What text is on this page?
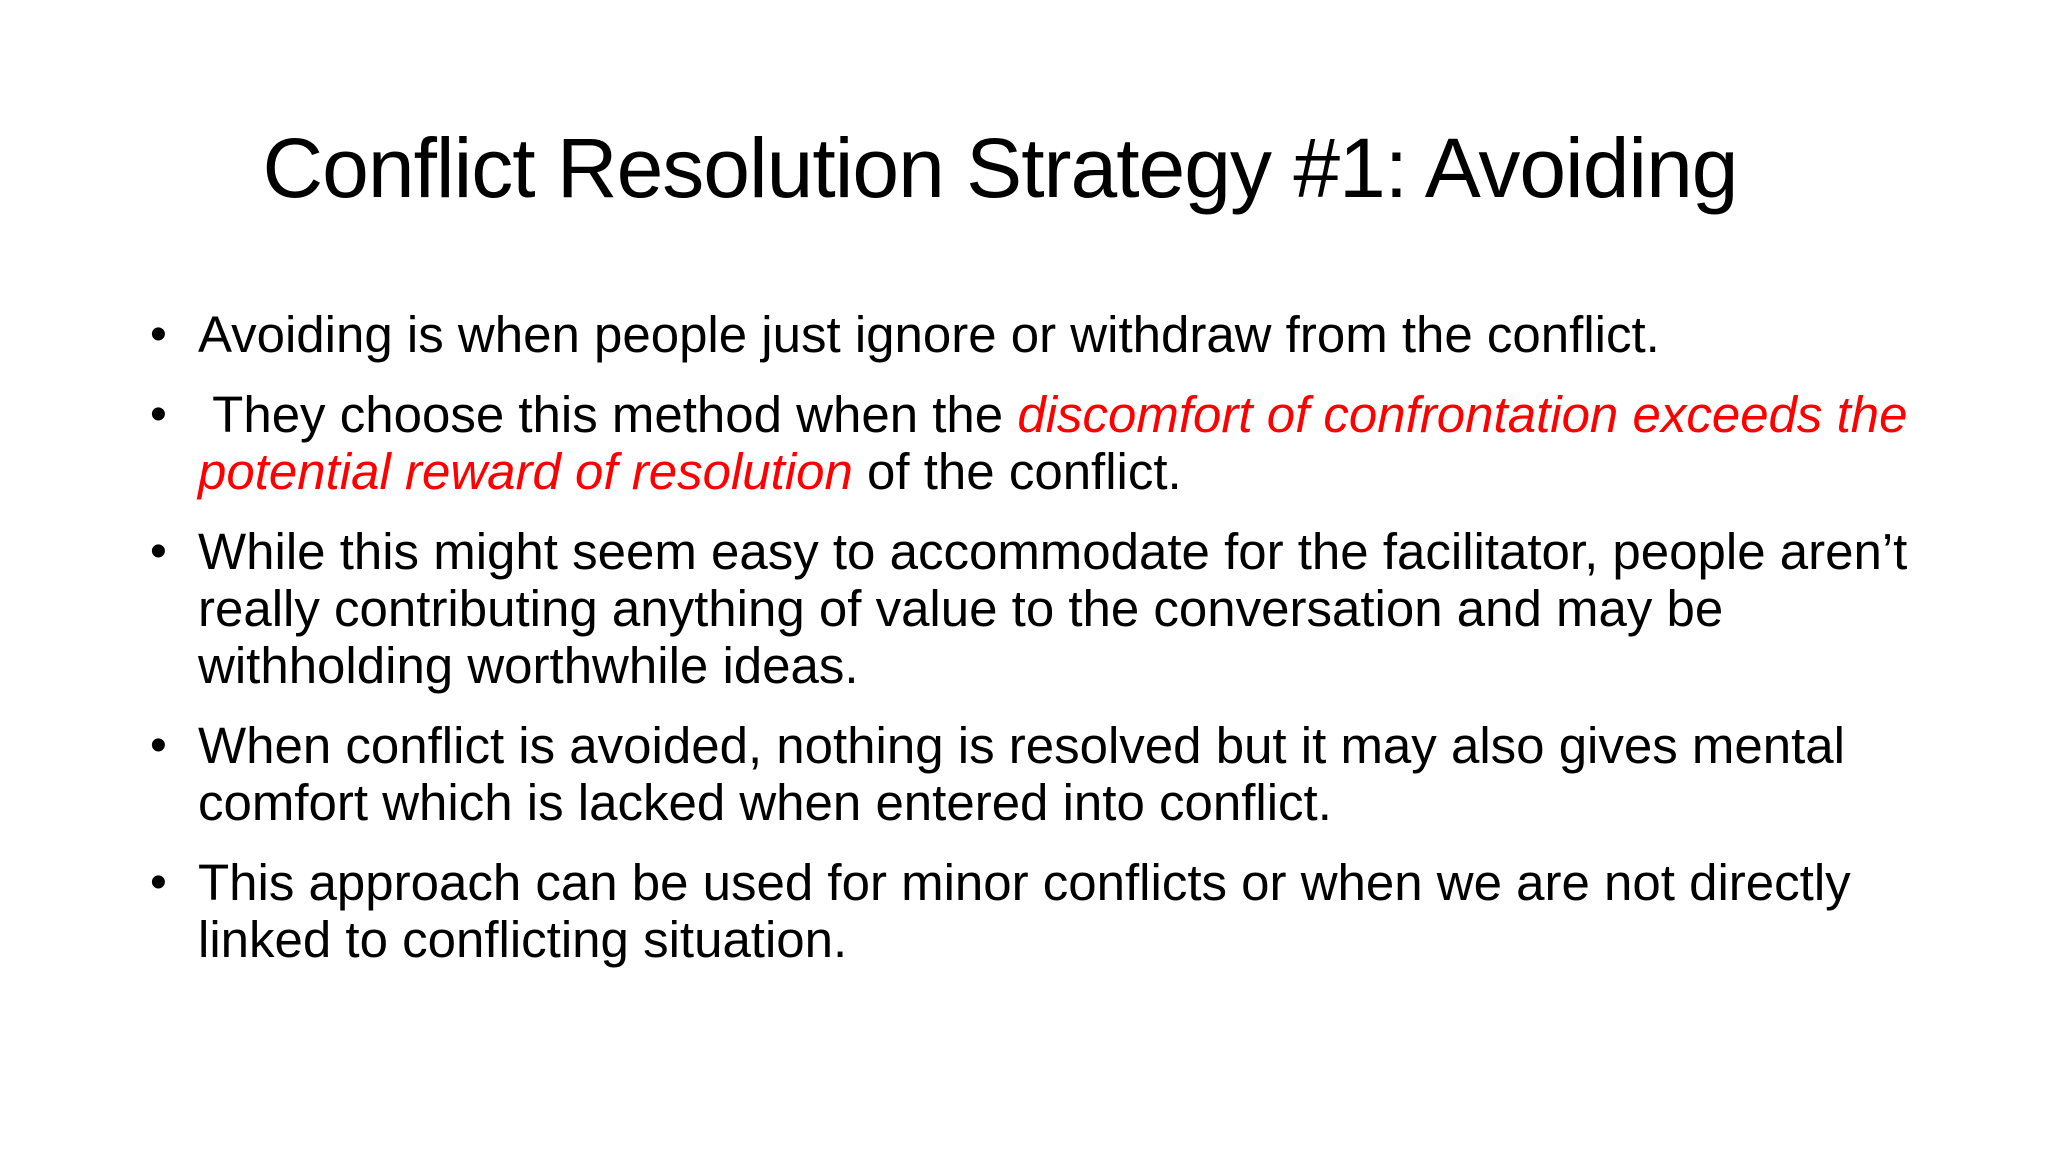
Conflict Resolution Strategy #1: Avoiding
• Avoiding is when people just ignore or withdraw from the conflict.
• They choose this method when the discomfort of confrontation exceeds the potential reward of resolution of the conflict.
• While this might seem easy to accommodate for the facilitator, people aren’t really contributing anything of value to the conversation and may be withholding worthwhile ideas.
• When conflict is avoided, nothing is resolved but it may also gives mental comfort which is lacked when entered into conflict.
• This approach can be used for minor conflicts or when we are not directly linked to conflicting situation.
